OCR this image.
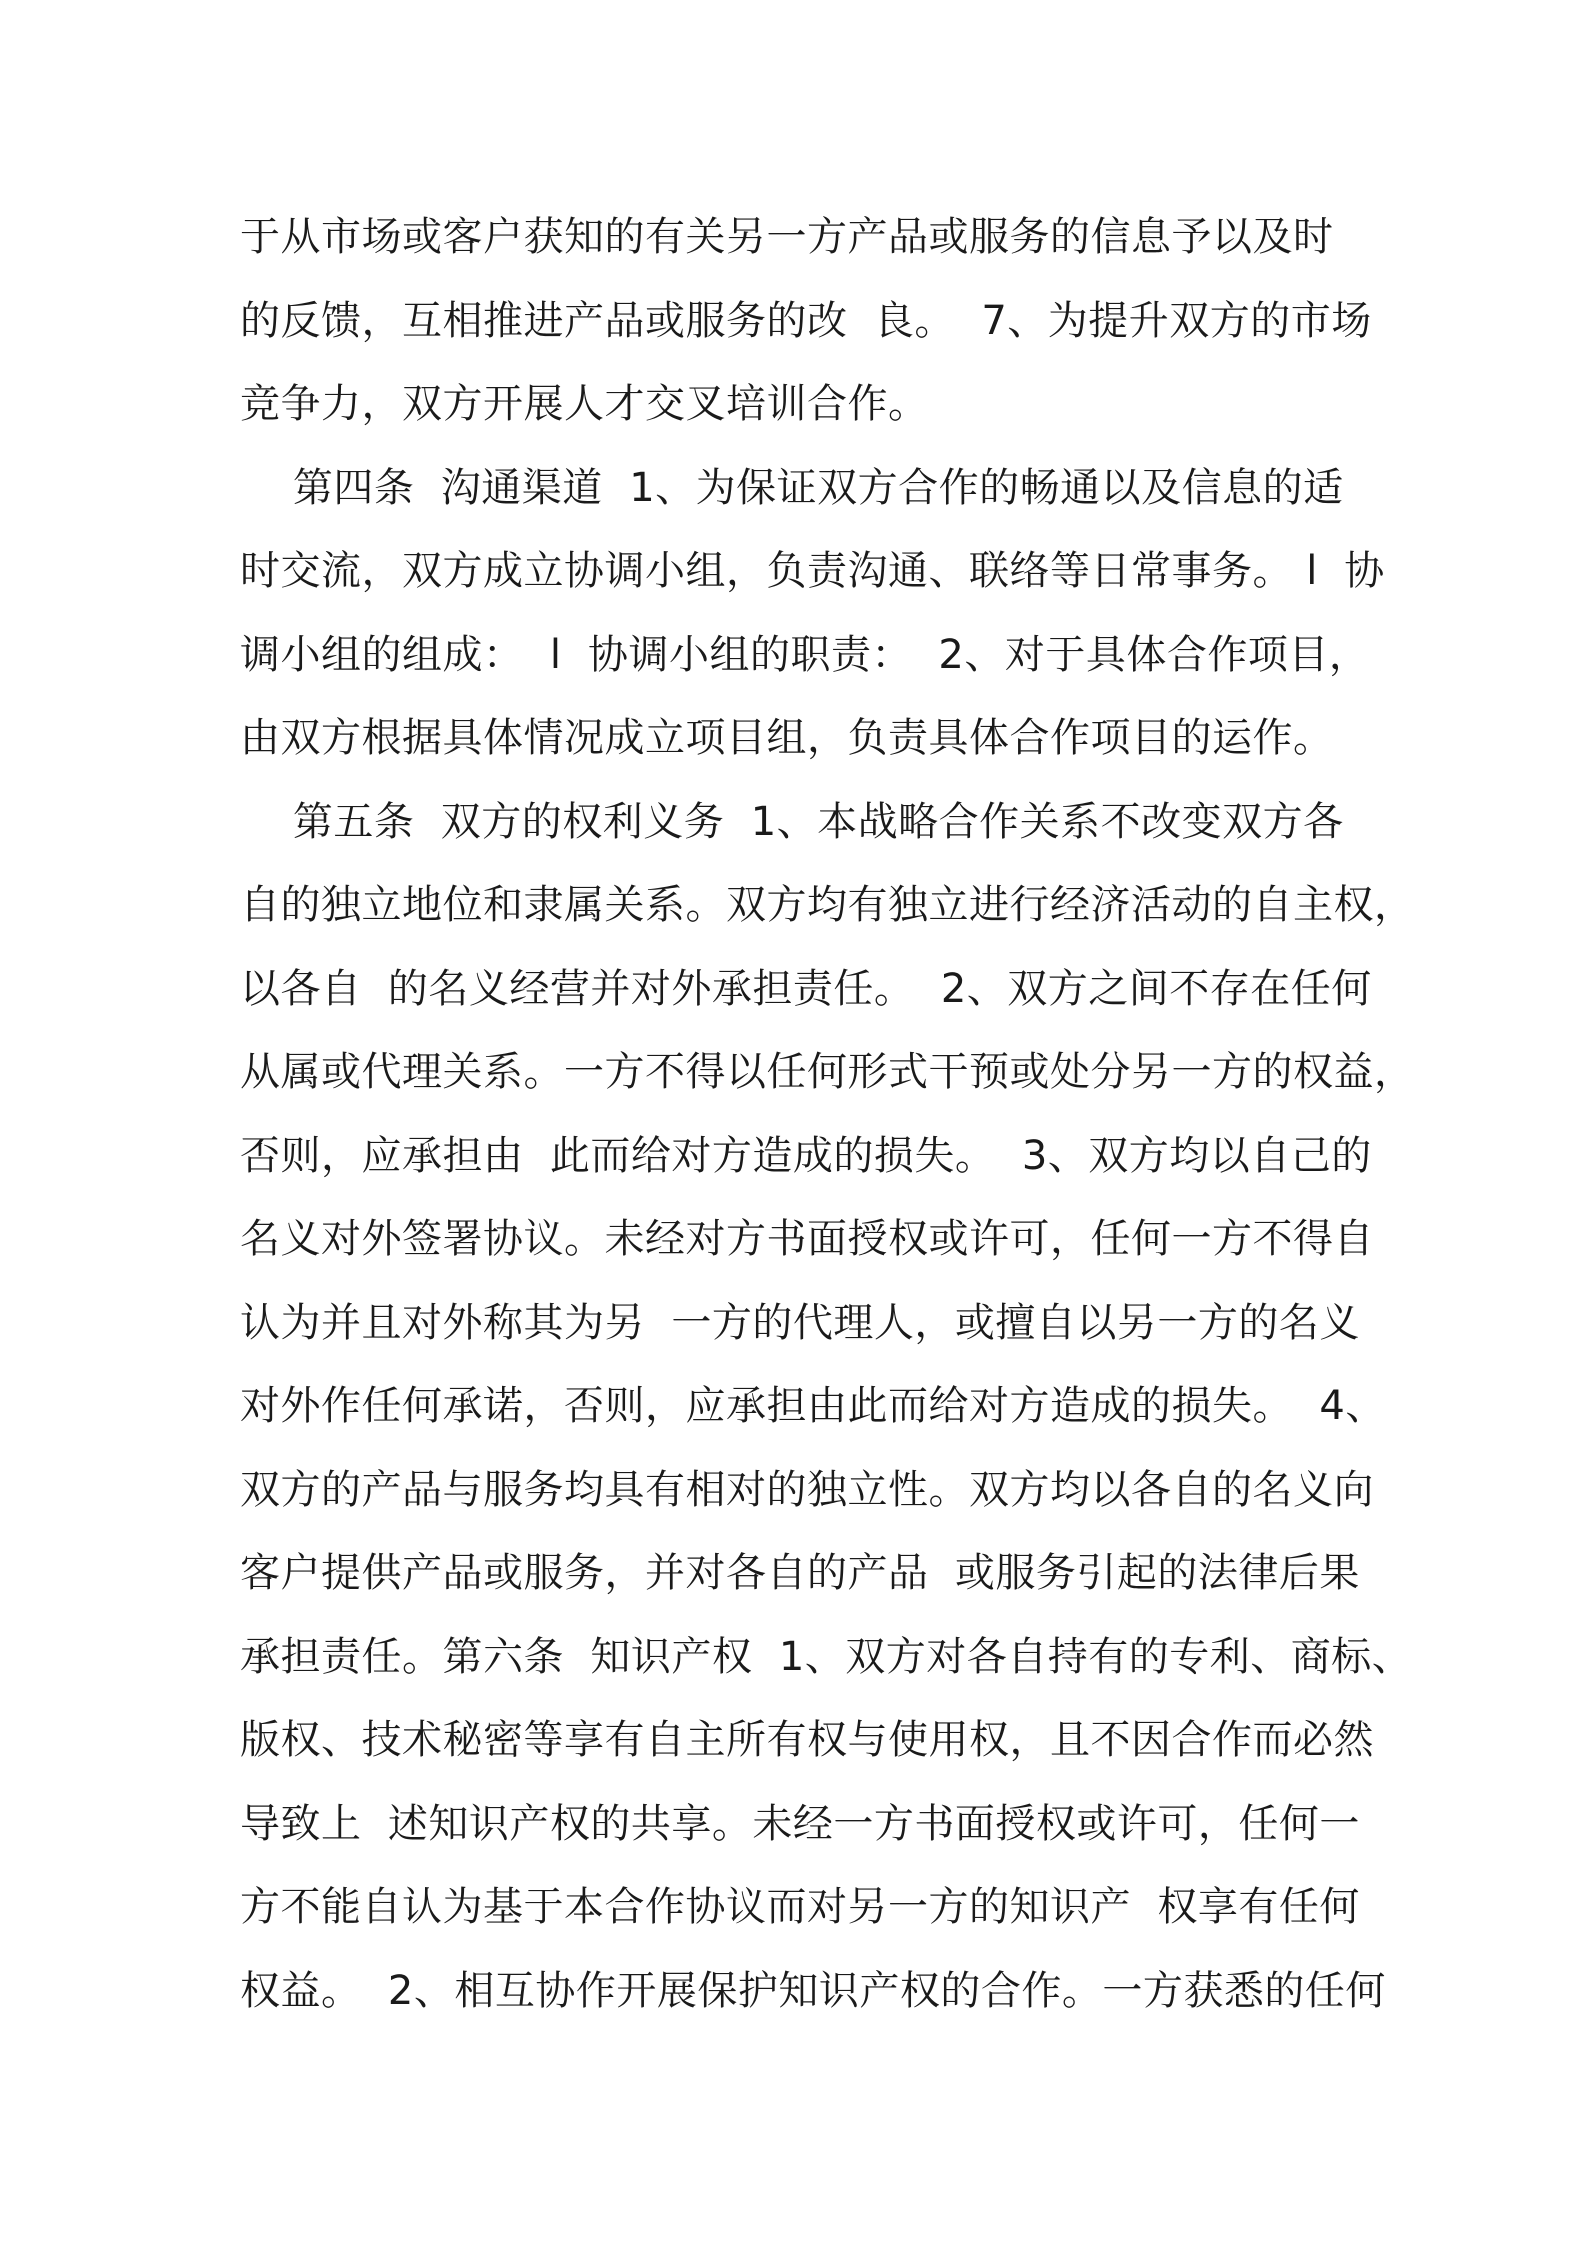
于从市场或客户获知的有关另一方产品或服务的信息予以及时
的反馈，互相推进产品或服务的改  良。  7、为提升双方的市场
竞争力，双方开展人才交叉培训合作。
第四条  沟通渠道  1、为保证双方合作的畅通以及信息的适
时交流，双方成立协调小组，负责沟通、联络等日常事务。 l  协
调小组的组成：  l  协调小组的职责：  2、对于具体合作项目，
由双方根据具体情况成立项目组，负责具体合作项目的运作。
第五条  双方的权利义务  1、本战略合作关系不改变双方各
自的独立地位和隶属关系。双方均有独立进行经济活动的自主权，
以各自  的名义经营并对外承担责任。  2、双方之间不存在任何
从属或代理关系。一方不得以任何形式干预或处分另一方的权益，
否则，应承担由  此而给对方造成的损失。  3、双方均以自己的
名义对外签署协议。未经对方书面授权或许可，任何一方不得自
认为并且对外称其为另  一方的代理人，或擅自以另一方的名义
对外作任何承诺，否则，应承担由此而给对方造成的损失。  4、
双方的产品与服务均具有相对的独立性。双方均以各自的名义向
客户提供产品或服务，并对各自的产品  或服务引起的法律后果
承担责任。第六条  知识产权  1、双方对各自持有的专利、商标、
版权、技术秘密等享有自主所有权与使用权，且不因合作而必然
导致上  述知识产权的共享。未经一方书面授权或许可，任何一
方不能自认为基于本合作协议而对另一方的知识产  权享有任何
权益。  2、相互协作开展保护知识产权的合作。一方获悉的任何
